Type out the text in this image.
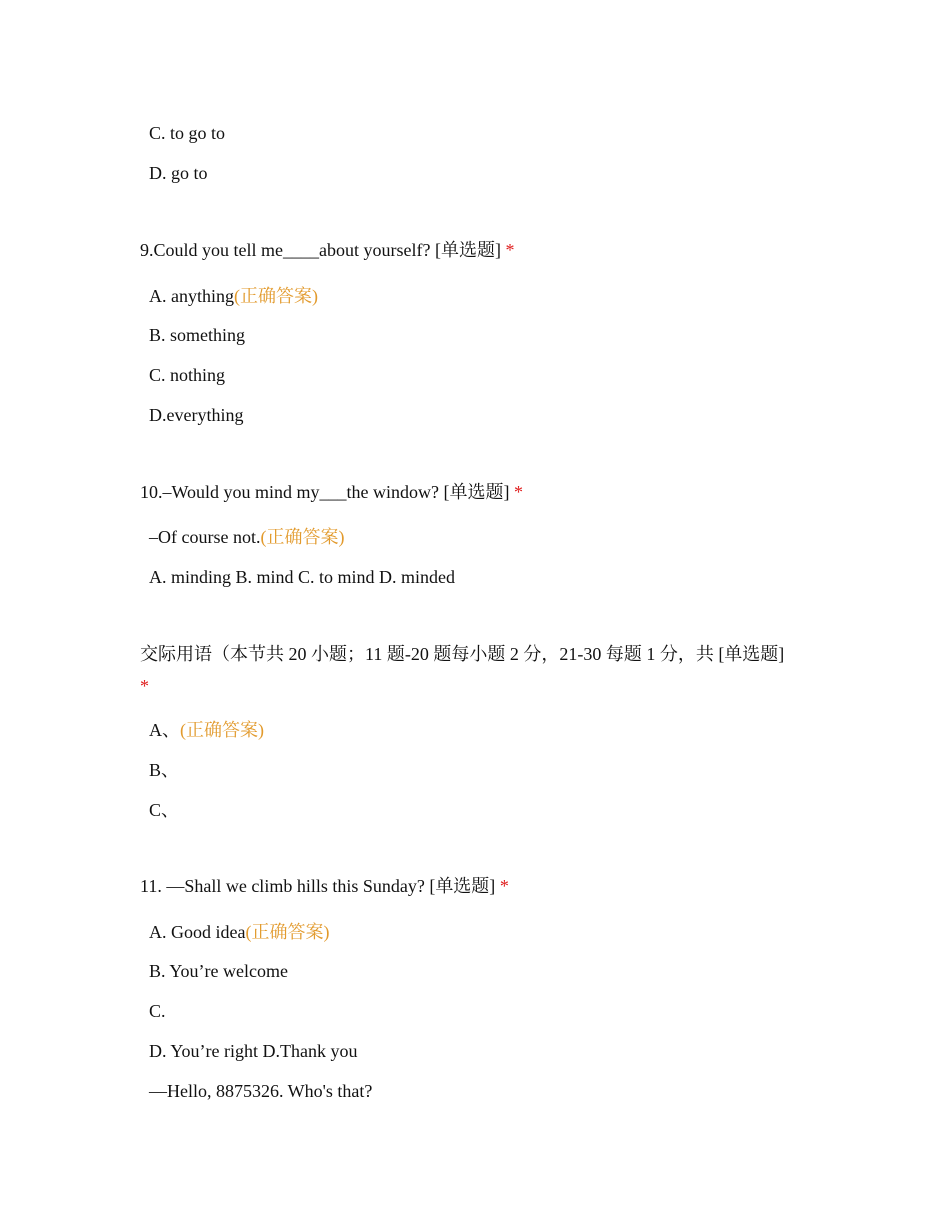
C. to go to
D. go to
9.Could you tell me____about yourself? [单选题] *
A. anything(正确答案)
B. something
C. nothing
D.everything
10.–Would you mind my___the window? [单选题] *
–Of course not.(正确答案)
A. minding B. mind C. to mind D. minded
交际用语（本节共 20 小题；11 题-20 题每小题 2 分，21-30 每题 1 分，共 [单选题]
*
A、(正确答案)
B、
C、
11. —Shall we climb hills this Sunday? [单选题] *
A. Good idea(正确答案)
B. You’re welcome
C.
D. You’re right D.Thank you
—Hello, 8875326. Who's that?
